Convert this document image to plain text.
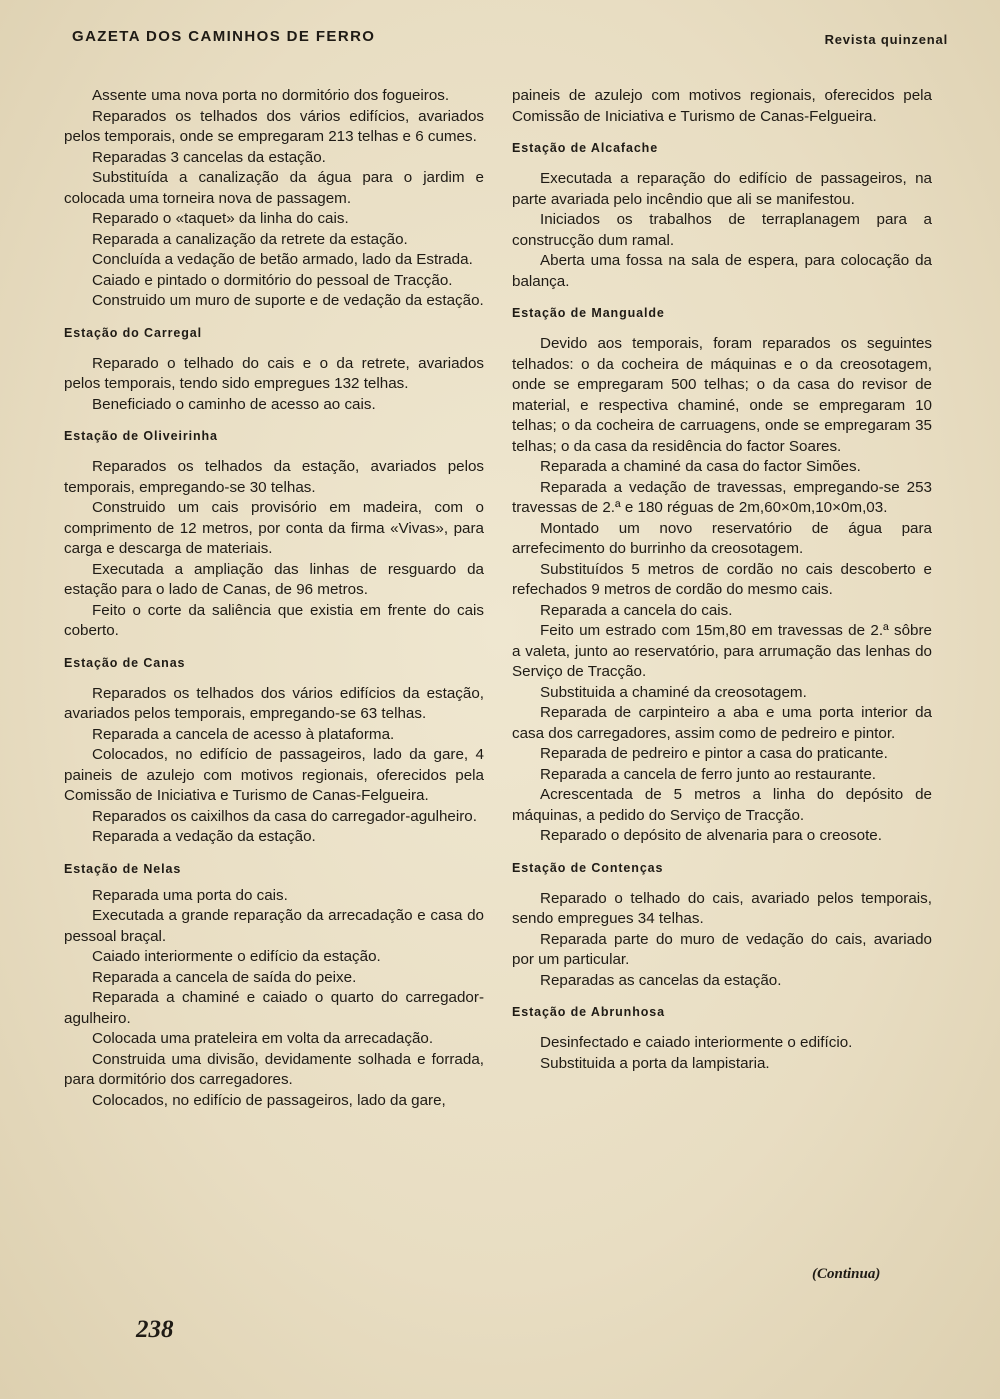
GAZETA DOS CAMINHOS DE FERRO	Revista quinzenal

Assente uma nova porta no dormitório dos fogueiros.

Reparados os telhados dos vários edifícios, avariados pelos temporais, onde se empregaram 213 telhas e 6 cumes.

Reparadas 3 cancelas da estação.

Substituída a canalização da água para o jardim e colocada uma torneira nova de passagem.

Reparado o «taquet» da linha do cais.

Reparada a canalização da retrete da estação.

Concluída a vedação de betão armado, lado da Estrada.

Caiado e pintado o dormitório do pessoal de Tracção.

Construido um muro de suporte e de vedação da estação.

Estação do Carregal

Reparado o telhado do cais e o da retrete, avariados pelos temporais, tendo sido empregues 132 telhas.

Beneficiado o caminho de acesso ao cais.

Estação de Oliveirinha

Reparados os telhados da estação, avariados pelos temporais, empregando-se 30 telhas.

Construido um cais provisório em madeira, com o comprimento de 12 metros, por conta da firma «Vivas», para carga e descarga de materiais.

Executada a ampliação das linhas de resguardo da estação para o lado de Canas, de 96 metros.

Feito o corte da saliência que existia em frente do cais coberto.

Estação de Canas

Reparados os telhados dos vários edifícios da estação, avariados pelos temporais, empregando-se 63 telhas.

Reparada a cancela de acesso à plataforma.

Colocados, no edifício de passageiros, lado da gare, 4 paineis de azulejo com motivos regionais, oferecidos pela Comissão de Iniciativa e Turismo de Canas-Felgueira.

Reparados os caixilhos da casa do carregador-agulheiro.

Reparada a vedação da estação.

Estação de Nelas

Reparada uma porta do cais.

Executada a grande reparação da arrecadação e casa do pessoal braçal.

Caiado interiormente o edifício da estação.

Reparada a cancela de saída do peixe.

Reparada a chaminé e caiado o quarto do carregador-agulheiro.

Colocada uma prateleira em volta da arrecadação.

Construida uma divisão, devidamente solhada e forrada, para dormitório dos carregadores.

Colocados, no edifício de passageiros, lado da gare,

paineis de azulejo com motivos regionais, oferecidos pela Comissão de Iniciativa e Turismo de Canas-Felgueira.

Estação de Alcafache

Executada a reparação do edifício de passageiros, na parte avariada pelo incêndio que ali se manifestou.

Iniciados os trabalhos de terraplanagem para a construcção dum ramal.

Aberta uma fossa na sala de espera, para colocação da balança.

Estação de Mangualde

Devido aos temporais, foram reparados os seguintes telhados: o da cocheira de máquinas e o da creosotagem, onde se empregaram 500 telhas; o da casa do revisor de material, e respectiva chaminé, onde se empregaram 10 telhas; o da cocheira de carruagens, onde se empregaram 35 telhas; o da casa da residência do factor Soares.

Reparada a chaminé da casa do factor Simões.

Reparada a vedação de travessas, empregando-se 253 travessas de 2.ª e 180 réguas de 2m,60×0m,10×0m,03.

Montado um novo reservatório de água para arrefecimento do burrinho da creosotagem.

Substituídos 5 metros de cordão no cais descoberto e refechados 9 metros de cordão do mesmo cais.

Reparada a cancela do cais.

Feito um estrado com 15m,80 em travessas de 2.ª sôbre a valeta, junto ao reservatório, para arrumação das lenhas do Serviço de Tracção.

Substituida a chaminé da creosotagem.

Reparada de carpinteiro a aba e uma porta interior da casa dos carregadores, assim como de pedreiro e pintor.

Reparada de pedreiro e pintor a casa do praticante.

Reparada a cancela de ferro junto ao restaurante.

Acrescentada de 5 metros a linha do depósito de máquinas, a pedido do Serviço de Tracção.

Reparado o depósito de alvenaria para o creosote.

Estação de Contenças

Reparado o telhado do cais, avariado pelos temporais, sendo empregues 34 telhas.

Reparada parte do muro de vedação do cais, avariado por um particular.

Reparadas as cancelas da estação.

Estação de Abrunhosa

Desinfectado e caiado interiormente o edifício.

Substituida a porta da lampistaria.

(Continua)
238
